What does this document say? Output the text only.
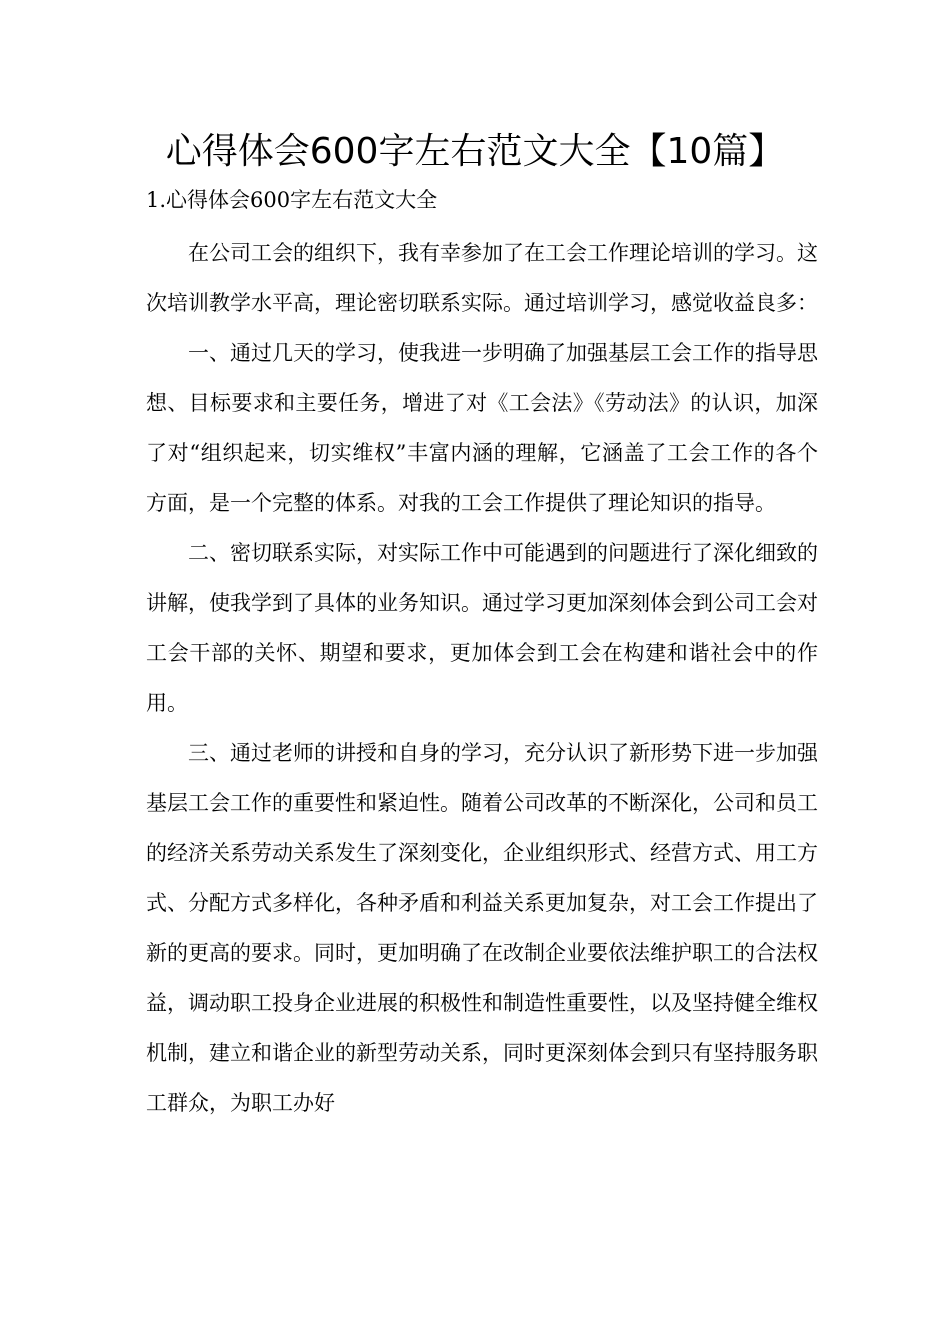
心得体会600字左右范文大全【10篇】

1.心得体会600字左右范文大全

在公司工会的组织下，我有幸参加了在工会工作理论培训的学习。这次培训教学水平高，理论密切联系实际。通过培训学习，感觉收益良多：

一、通过几天的学习，使我进一步明确了加强基层工会工作的指导思想、目标要求和主要任务，增进了对《工会法》《劳动法》的认识，加深了对“组织起来，切实维权”丰富内涵的理解，它涵盖了工会工作的各个方面，是一个完整的体系。对我的工会工作提供了理论知识的指导。

二、密切联系实际，对实际工作中可能遇到的问题进行了深化细致的讲解，使我学到了具体的业务知识。通过学习更加深刻体会到公司工会对工会干部的关怀、期望和要求，更加体会到工会在构建和谐社会中的作用。

三、通过老师的讲授和自身的学习，充分认识了新形势下进一步加强基层工会工作的重要性和紧迫性。随着公司改革的不断深化，公司和员工的经济关系劳动关系发生了深刻变化，企业组织形式、经营方式、用工方式、分配方式多样化，各种矛盾和利益关系更加复杂，对工会工作提出了新的更高的要求。同时，更加明确了在改制企业要依法维护职工的合法权益，调动职工投身企业进展的积极性和制造性重要性，以及坚持健全维权机制，建立和谐企业的新型劳动关系，同时更深刻体会到只有坚持服务职工群众，为职工办好
